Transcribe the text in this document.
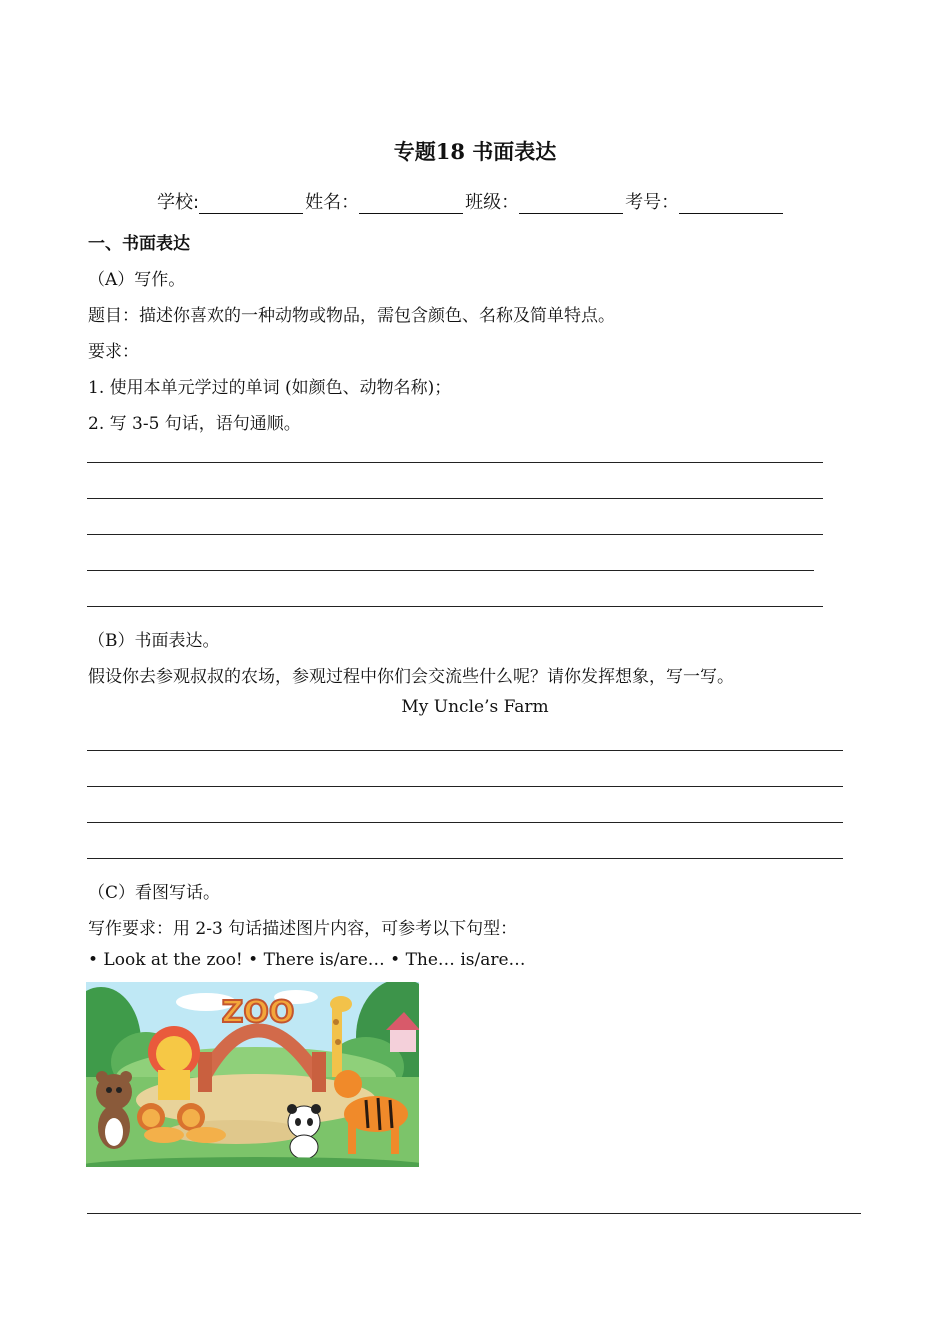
专题18 书面表达
学校:	姓名：	班级：	考号：
一、书面表达
（A）写作。
题目：描述你喜欢的一种动物或物品，需包含颜色、名称及简单特点。
要求：
1. 使用本单元学过的单词 (如颜色、动物名称)；
2. 写 3-5 句话，语句通顺。
（B）书面表达。
假设你去参观叔叔的农场，参观过程中你们会交流些什么呢？请你发挥想象，写一写。
My Uncle’s Farm
（C）看图写话。
写作要求：用 2-3 句话描述图片内容，可参考以下句型：
• Look at the zoo! • There is/are… • The… is/are…
ZOO
